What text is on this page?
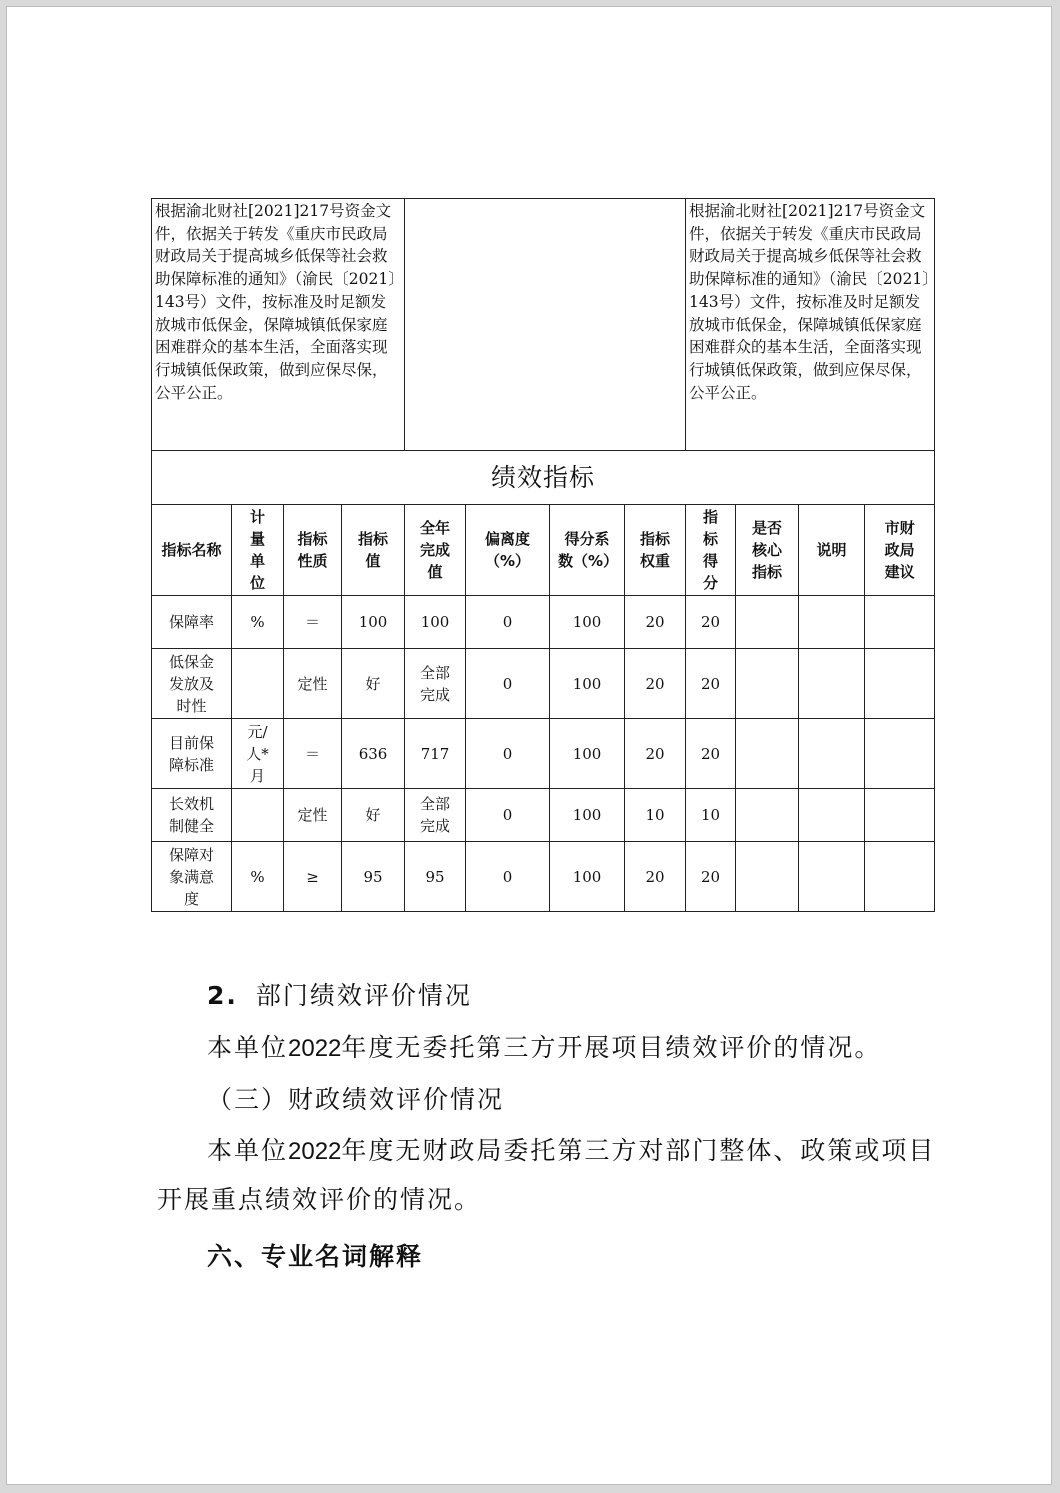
根据渝北财社[2021]217号资金文件，依据关于转发《重庆市民政局　财政局关于提高城乡低保等社会救助保障标准的通知》（渝民〔2021〕143号）文件，按标准及时足额发放城市低保金，保障城镇低保家庭困难群众的基本生活，全面落实现行城镇低保政策，做到应保尽保，公平公正。								根据渝北财社[2021]217号资金文件，依据关于转发《重庆市民政局　财政局关于提高城乡低保等社会救助保障标准的通知》（渝民〔2021〕143号）文件，按标准及时足额发放城市低保金，保障城镇低保家庭困难群众的基本生活，全面落实现行城镇低保政策，做到应保尽保，公平公正。			
绩效指标											
指标名称	计量单位	指标性质	指标值	全年完成值	偏离度（%）	得分系数（%）	指标权重	指标得分	是否核心指标	说明	市财政局建议
保障率	%	＝	100	100	0	100	20	20			
低保金发放及时性		定性	好	全部完成	0	100	20	20			
目前保障标准	元/人*月	＝	636	717	0	100	20	20			
长效机制健全		定性	好	全部完成	0	100	10	10			
保障对象满意度	%	≥	95	95	0	100	20	20			

2. 部门绩效评价情况

本单位2022年度无委托第三方开展项目绩效评价的情况。

（三）财政绩效评价情况

本单位2022年度无财政局委托第三方对部门整体、政策或项目开展重点绩效评价的情况。

六、专业名词解释
